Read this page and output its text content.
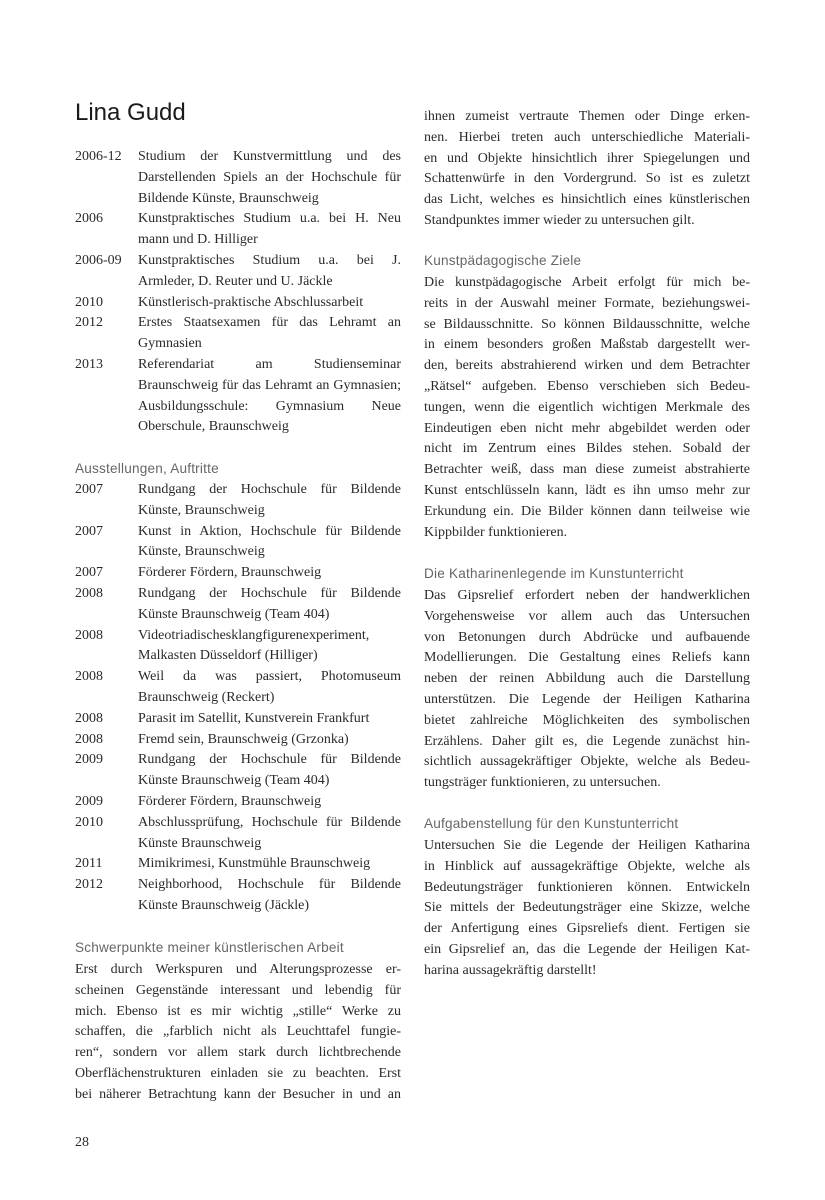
Lina Gudd
2006-12	Studium der Kunstvermittlung und des Darstellenden Spiels an der Hochschule für Bildende Künste, Braunschweig
2006	Kunstpraktisches Studium u.a. bei H. Neu mann und D. Hilliger
2006-09	Kunstpraktisches Studium u.a. bei J. Armleder, D. Reuter und U. Jäckle
2010	Künstlerisch-praktische Abschlussarbeit
2012	Erstes Staatsexamen für das Lehramt an Gymnasien
2013	Referendariat am Studienseminar Braunschweig für das Lehramt an Gymnasien; Ausbildungsschule: Gymnasium Neue Oberschule, Braunschweig
Ausstellungen, Auftritte
2007	Rundgang der Hochschule für Bildende Künste, Braunschweig
2007	Kunst in Aktion, Hochschule für Bildende Künste, Braunschweig
2007	Förderer Fördern, Braunschweig
2008	Rundgang der Hochschule für Bildende Künste Braunschweig (Team 404)
2008	Videotriadischesklangfigurenexperiment, Malkasten Düsseldorf (Hilliger)
2008	Weil da was passiert, Photomuseum Braunschweig (Reckert)
2008	Parasit im Satellit, Kunstverein Frankfurt
2008	Fremd sein, Braunschweig (Grzonka)
2009	Rundgang der Hochschule für Bildende Künste Braunschweig (Team 404)
2009	Förderer Fördern, Braunschweig
2010	Abschlussprüfung, Hochschule für Bildende Künste Braunschweig
2011	Mimikrimesi, Kunstmühle Braunschweig
2012	Neighborhood, Hochschule für Bildende Künste Braunschweig (Jäckle)
Schwerpunkte meiner künstlerischen Arbeit
Erst durch Werkspuren und Alterungsprozesse er-
scheinen Gegenstände interessant und lebendig für
mich. Ebenso ist es mir wichtig „stille“ Werke zu
schaffen, die „farblich nicht als Leuchttafel fungie-
ren“, sondern vor allem stark durch lichtbrechende
Oberflächenstrukturen einladen sie zu beachten. Erst
bei näherer Betrachtung kann der Besucher in und an
ihnen zumeist vertraute Themen oder Dinge erken-
nen. Hierbei treten auch unterschiedliche Materiali-
en und Objekte hinsichtlich ihrer Spiegelungen und
Schattenwürfe in den Vordergrund. So ist es zuletzt
das Licht, welches es hinsichtlich eines künstlerischen
Standpunktes immer wieder zu untersuchen gilt.
Kunstpädagogische Ziele
Die kunstpädagogische Arbeit erfolgt für mich be-
reits in der Auswahl meiner Formate, beziehungswei-
se Bildausschnitte. So können Bildausschnitte, welche
in einem besonders großen Maßstab dargestellt wer-
den, bereits abstrahierend wirken und dem Betrachter
„Rätsel“ aufgeben. Ebenso verschieben sich Bedeu-
tungen, wenn die eigentlich wichtigen Merkmale des
Eindeutigen eben nicht mehr abgebildet werden oder
nicht im Zentrum eines Bildes stehen. Sobald der
Betrachter weiß, dass man diese zumeist abstrahierte
Kunst entschlüsseln kann, lädt es ihn umso mehr zur
Erkundung ein. Die Bilder können dann teilweise wie
Kippbilder funktionieren.
Die Katharinenlegende im Kunstunterricht
Das Gipsrelief erfordert neben der handwerklichen
Vorgehensweise vor allem auch das Untersuchen
von Betonungen durch Abdrücke und aufbauende
Modellierungen. Die Gestaltung eines Reliefs kann
neben der reinen Abbildung auch die Darstellung
unterstützen. Die Legende der Heiligen Katharina
bietet zahlreiche Möglichkeiten des symbolischen
Erzählens. Daher gilt es, die Legende zunächst hin-
sichtlich aussagekräftiger Objekte, welche als Bedeu-
tungsträger funktionieren, zu untersuchen.
Aufgabenstellung für den Kunstunterricht
Untersuchen Sie die Legende der Heiligen Katharina
in Hinblick auf aussagekräftige Objekte, welche als
Bedeutungsträger funktionieren können. Entwickeln
Sie mittels der Bedeutungsträger eine Skizze, welche
der Anfertigung eines Gipsreliefs dient. Fertigen sie
ein Gipsrelief an, das die Legende der Heiligen Kat-
harina aussagekräftig darstellt!
28
